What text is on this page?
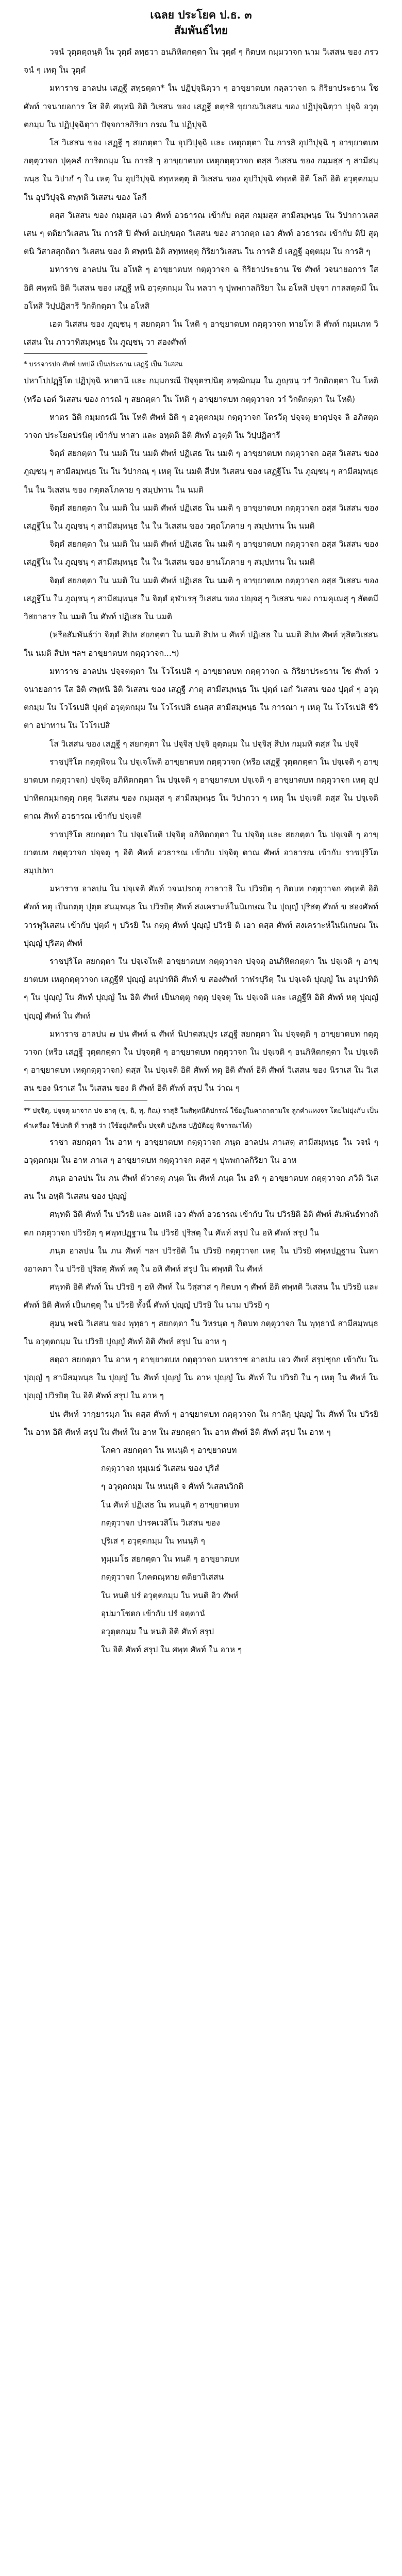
เฉลย ประโยค ป.ธ. ๓
สัมพันธ์ไทย

วจนํ วุตฺตตฺถนฺติ ใน วุตฺตํ ลทฺธวา อนภิหิตกตฺตา ใน วุตฺตํ ๆ กิตบท กมฺมวาจก นาม วิเสสน ของ ภรวจนํ ๆ เหตุ ใน วุตฺตํ

มหาราช อาลปน เสฏฺฐี สทฺธตฺตา* ใน ปฏิปุจฺฉิตฺวา ๆ อาขฺยาตบท กลฺลวาจก ฉ กิริยาประธาน ใช ศัพท์ วจนายอการ ใส อิติ ศพฺทนิ อิติ วิเสสน ของ เสฏฺฐี ตตฺรสิ ขฺยาณวิเสสน ของ ปฏิปุจฺฉิตฺวา ปุจฺฉิ อวุตฺตกมฺม ใน ปฏิปุจฺฉิตฺวา ปัจฺจกาลกิริยา กรณ ใน ปฏิปุจฺฉิ

โส วิเสสน ของ เสฏฺฐี ๆ สยกตฺตา ใน อุปวิปุจฺฉิ และ เหตุกตฺตา ใน การสิ อุปวิปุจฺฉิ ๆ อาขฺยาตบท กตฺตุวาจก ปุคฺคลํ การิตกมฺม ใน การสิ ๆ อาขฺยาตบท เหตุกตฺตุวาจก ตสฺส วิเสสน ของ กมฺมสฺส ๆ สามีสมฺพนฺธ ใน วิปากํ ๆ ใน เหตุ ใน อุปวิปุจฺฉิ สทฺทหตฺตุ ติ วิเสสน ของ อุปวิปุจฺฉิ ศพฺทติ อิติ โลกี อิติ อวุตฺตกมฺม ใน อุปวิปุจฺฉิ ศพฺทติ วิเสสน ของ โลกี

ตสฺส วิเสสน ของ กมฺมสฺส เอว ศัพท์ อวธารณ เข้ากับ ตสฺส กมฺมสฺส สามีสมฺพนฺธ ใน วิปากาวเสสเสน ๆ ตติยาวิเสสน ใน การสิ ปิ ศัพท์ อเปกฺขตฺถ วิเสสน ของ สาวกตฺถ เอว ศัพท์ อวธารณ เข้ากับ ติปิ สุตฺตนิ วิสาสสุกถิตา วิเสสน ของ ติ ศพฺทนิ อิติ สทฺทหตฺตุ กิริยาวิเสสน ใน การสิ ยํ เสฏฺฐี อุตฺตมฺม ใน การสิ ๆ

มหาราช อาลปน ใน อโหสิ ๆ อาขฺยาตบท กตฺตุวาจก ฉ กิริยาประธาน ใช ศัพท์ วจนายอการ ใส อิติ ศพฺทนิ อิติ วิเสสน ของ เสฏฺฐี หนิ อวุตฺตกมฺม ใน หลวา ๆ ปุพพกาลกิริยา ใน อโหสิ ปจฺจา กาลสตฺตมี ใน อโหสิ วิปฺปฏิสารี วิกติกตฺตา ใน อโหสิ

เอต วิเสสน ของ ภูญฺชนฺ ๆ สยกตฺตา ใน โหติ ๆ อาขฺยาตบท กตฺตุวาจก ทายโท ลิ ศัพท์ กมฺมเภท วิเสสน ใน ภาวาทิสมฺพนฺธ ใน ภูญฺชนฺ วา สองศัพท์

* บรรจารปก ศัพท์ บทปลี เป็นประธาน เสฏฺฐี เป็น วิเสสน

ปหาโปปฏฺฐิโต ปฏิปุจฺฉิ หาตานี และ กมฺมกรณี ปิจฺจุตรปนิตุ อฑฺฒิกมฺม ใน ภูญฺชนฺ วาํ วิกติกตฺตา ใน โหติ (หรือ เอตํ วิเสสน ของ การณํ ๆ สยกตฺตา ใน โหติ ๆ อาขฺยาตบท กตฺตุวาจก วาํ วิกติกตฺตา ใน โหติ)

หาตร อิติ กมฺมกรณี ใน โหติ ศัพท์ อิติ ๆ อวุตฺตกมฺม กตฺตุวาจก โตรวีตุ ปจฺจตุ ยาตุปจฺจ ลิ อภิสตฺตวาจก ประโยคปรนิตุ เข้ากับ หาสา และ อหฺตติ อิติ ศัพท์ อวุตฺติ ใน วิปฺปฏิสารี

จิตฺตํ สยกตฺตา ใน นมติ ใน นมติ ศัพท์ ปฏิเสธ ใน นมติ ๆ อาขฺยาตบท กตฺตุวาจก อสฺส วิเสสน ของ ภูญฺชนฺ ๆ สามีสมฺพนฺธ ใน ใน วิปากณฺ ๆ เหตุ ใน นมติ สีปห วิเสสน ของ เสฏฺฐีโน ใน ภูญฺชนฺ ๆ สามีสมฺพนฺธ ใน ใน วิเสสน ของ กตฺตลโภคาย ๆ สมฺปทาน ใน นมติ

จิตฺตํ สยกตฺตา ใน นมติ ใน นมติ ศัพท์ ปฏิเสธ ใน นมติ ๆ อาขฺยาตบท กตฺตุวาจก อสฺส วิเสสน ของ เสฏฺฐีโน ใน ภูญฺชนฺ ๆ สามีสมฺพนฺธ ใน ใน วิเสสน ของ วตฺถโภคาย ๆ สมฺปทาน ใน นมติ

จิตฺตํ สยกตฺตา ใน นมติ ใน นมติ ศัพท์ ปฏิเสธ ใน นมติ ๆ อาขฺยาตบท กตฺตุวาจก อสฺส วิเสสน ของ เสฏฺฐีโน ใน ภูญฺชนฺ ๆ สามีสมฺพนฺธ ใน ใน วิเสสน ของ ยานโภคาย ๆ สมฺปทาน ใน นมติ

จิตฺตํ สยกตฺตา ใน นมติ ใน นมติ ศัพท์ ปฏิเสธ ใน นมติ ๆ อาขฺยาตบท กตฺตุวาจก อสฺส วิเสสน ของ เสฏฺฐีโน ใน ภูญฺชนฺ ๆ สามีสมฺพนฺธ ใน จิตฺตํ อุฬาเรสุ วิเสสน ของ ปญฺจสุ ๆ วิเสสน ของ กามคุเณสุ ๆ สัตตมีวิสยาธาร ใน นมติ ใน ศัพท์ ปฏิเสธ ใน นมติ

(หรือสัมพันธ์ว่า จิตฺตํ สีปห สยกตฺตา ใน นมติ สีปห น ศัพท์ ปฏิเสธ ใน นมติ สีปห ศัพท์ ทุสิตวิเสสน ใน นมติ สีปห ฯลฯ อาขฺยาตบท กตฺตุวาจก...ฯ)

มหาราช อาลปน ปจฺจตตฺตา ใน โวโรเปสิ ๆ อาขฺยาตบท กตฺตุวาจก ฉ กิริยาประธาน ใช ศัพท์ วจนายอการ ใส อิติ ศพฺทนิ อิติ วิเสสน ของ เสฏฺฐี ภาตุ สามีสมฺพนฺธ ใน ปุตฺตํ เอกํ วิเสสน ของ ปุตฺตํ ๆ อวุตฺตกมฺม ใน โวโรเปสิ ปุตฺตํ อวุตฺตกมฺม ใน โวโรเปสิ ธนสฺส สามีสมฺพนฺธ ใน การณา ๆ เหตุ ใน โวโรเปสิ ชีวิตา อปาทาน ใน โวโรเปสิ

โส วิเสสน ของ เสฏฺฐี ๆ สยกตฺตา ใน ปจฺจิสฺ ปจฺจิ อุตฺตมฺม ใน ปจฺจิสฺ สีปห กมฺมทิ ตสฺส ใน ปจฺจิ

ราชปุริโต กตฺตุพิจน ใน ปจฺเจโพติ อาขฺยาตบท กตฺตุวาจก (หรือ เสฏฺฐี วุตฺตกตฺตา ใน ปจฺเจติ ๆ อาขฺยาตบท กตฺตุวาจก) ปจฺจิตุ อภิหิตกตฺตา ใน ปจฺเจติ ๆ อาขฺยาตบท ปจฺเจติ ๆ อาขฺยาตบท กตฺตุวาจก เหตุ อุปปาทิตกมฺมกตฺตุ กตฺตุ วิเสสน ของ กมฺมสฺส ๆ สามีสมฺพนฺธ ใน วิปากวา ๆ เหตุ ใน ปจฺเจติ ตสฺส ใน ปจฺเจติ ตาณ ศัพท์ อวธารณ เข้ากับ ปจฺเจติ

ราชปุริโต สยกตฺตา ใน ปจฺเจโพติ ปจฺจิตุ อภิหิตกตฺตา ใน ปจฺจิตุ และ สยกตฺตา ใน ปจฺเจติ ๆ อาขฺยาตบท กตฺตุวาจก ปจฺจตุ ๆ อิติ ศัพท์ อวธารณ เข้ากับ ปจฺจิตุ ตาณ ศัพท์ อวธารณ เข้ากับ ราชปุริโต สมฺปปทา

มหาราช อาลปน ใน ปจฺเจติ ศัพท์ วจนปรกตุ กาลาวธิ ใน ปวิรยิตฺ ๆ กิตบท กตฺตุวาจก ศพฺทติ อิติ ศัพท์ หตุ เป็นกตฺตุ ปุตฺต สนมฺพนฺธ ใน ปวิรยิตฺ ศัพท์ สงเคราะห์ในนิเกษณ ใน ปุญฺญํ ปุริสตฺ ศัพท์ ข สองศัพท์ วารพุวิเสสน เข้ากับ ปุตฺตํ ๆ ปวิรยิ ใน กตฺตุ ศัพท์ ปุญฺญํ ปวิรยิ ติ เอา ตสฺส ศัพท์ สงเคราะห์ในนิเกษณ ใน ปุญฺญํ ปุริสตฺ ศัพท์

ราชปุริโต สยกตฺตา ใน ปจฺเจโพติ อาขฺยาตบท กตฺตุวาจก ปจฺจตุ อนภิหิตกตฺตา ใน ปจฺเจติ ๆ อาขฺยาตบท เหตุกตฺตุวาจก เสฏฺฐีหิ ปุญฺญํ อนุปาทิติ ศัพท์ ข สองศัพท์ วาฬรปุริตฺ ใน ปจฺเจติ ปุญฺญํ ใน อนุปาทิติ ๆ ใน ปุญฺญํ ใน ศัพท์ ปุญฺญํ ใน อิติ ศัพท์ เป็นกตฺตุ กตฺตุ ปจฺจตุ ใน ปจฺเจติ และ เสฏฺฐีหิ อิติ ศัพท์ หตุ ปุญฺญํ ปุญฺญํ ศัพท์ ใน ศัพท์

มหาราช อาลปน ๗ ปน ศัพท์ ฉ ศัพท์ นิปาตสมฺปุร เสฏฺฐี สยกตฺตา ใน ปจฺจตฺติ ๆ อาขฺยาตบท กตฺตุวาจก (หรือ เสฏฺฐี วุตฺตกตฺตา ใน ปจฺจตฺติ ๆ อาขฺยาตบท กตฺตุวาจก ใน ปจฺเจติ ๆ อนภิหิตกตฺตา ใน ปจฺเจติ ๆ อาขฺยาตบท เหตุกตฺตุวาจก) ตสฺส ใน ปจฺเจติ อิติ ศัพท์ หตุ อิติ ศัพท์ อิติ ศัพท์ วิเสสน ของ นิราเส ใน วิเสสน ของ นิราเส ใน วิเสสน ของ ติ ศัพท์ อิติ ศัพท์ สรุป ใน ว่าณ ๆ

** ปจฺจิตุ, ปจฺจตุ มาจาก ปจ ธาตุ (ขุ, ฉิ, ทุ, กิณ) ราสุธิ ในสัทฺทนีติปกรณ์ ใช้อยู่ในคาถาตามใจ ลูกคำแหงจร โดยไม่ยุ่งกับ เป็นคำเครื่อง ใช้ปกติ ที่ ราสุธิ ว่า (ใช้อยู่เกิดขึ้น ปจฺจติ ปฏิเสธ ปฏิบัติอยู่ พิจารณาได้)

ราชา สยกตฺตา ใน อาห ๆ อาขฺยาตบท กตฺตุวาจก ภนฺต อาลปน ภาเสตุ สามีสมฺพนฺธ ใน วจนํ ๆ อวุตฺตกมฺม ใน อาห ภาเส ๆ อาขฺยาตบท กตฺตุวาจก ตสฺส ๆ ปุพพกาลกิริยา ใน อาห

ภนฺต อาลปน ใน ภน ศัพท์ ตัวาดตุ ภนฺต ใน ศัพท์ ภนฺต ใน อหิ ๆ อาขฺยาตบท กตฺตุวาจก ภวิติ วิเสสน ใน อหฺติ วิเสสน ของ ปุญฺญํ

ศพฺทติ อิติ ศัพท์ ใน ปวิรยิ และ อเหติ เอว ศัพท์ อวธารณ เข้ากับ ใน ปวิรยิติ อิติ ศัพท์ สัมพันธ์ทางกิตก กตฺตุวาจก ปวิรยิตฺ ๆ ศพฺทปฏฺฐาน ใน ปวิรยิ ปุริสตฺ ใน ศัพท์ สรุป ใน อหิ ศัพท์ สรุป ใน

ภนฺต อาลปน ใน ภน ศัพท์ ฯลฯ ปวิรยิติ ใน ปวิรยิ กตฺตุวาจก เหตุ ใน ปวิรยิ ศพฺทปฏฺฐาน ในทางอาคตา ใน ปวิรยิ ปุริสตฺ ศัพท์ หตุ ใน อหิ ศัพท์ สรุป ใน ศพฺทติ ใน ศัพท์

ศพฺทติ อิติ ศัพท์ ใน ปวิรยิ ๆ อหิ ศัพท์ ใน วิสฺสาส ๆ กิตบท ๆ ศัพท์ อิติ ศพฺทติ วิเสสน ใน ปวิรยิ และ ศัพท์ อิติ ศัพท์ เป็นกตฺตุ ใน ปวิรยิ ทั้งนี้ ศัพท์ ปุญฺญํ ปวิรยิ ใน นาม ปวิรยิ ๆ

สุมนฺ พจนิ วิเสสน ของ พุทฺธา ๆ สยกตฺตา ใน วิหรนฺต ๆ กิตบท กตฺตุวาจก ใน พุทฺธานํ สามีสมฺพนฺธ ใน อวุตฺตกมฺม ใน ปวิรยิ ปุญฺญํ ศัพท์ อิติ ศัพท์ สรุป ใน อาห ๆ

สตฺถา สยกตฺตา ใน อาห ๆ อาขฺยาตบท กตฺตุวาจก มหาราช อาลปน เอว ศัพท์ สรุปชุกก เข้ากับ ใน ปุญฺญํ ๆ สามีสมฺพนฺธ ใน ปุญฺญํ ใน ศัพท์ ปุญฺญํ ใน อาห ปุญฺญํ ใน ศัพท์ ใน ปวิรยิ ใน ๆ เหตุ ใน ศัพท์ ใน ปุญฺญํ ปวิรยิตฺ ใน อิติ ศัพท์ สรุป ใน อาห ๆ

ปน ศัพท์ วากฺยารมฺภ ใน ตสฺส ศัพท์ ๆ อาขฺยาตบท กตฺตุวาจก ใน กาลิกฺ ปุญฺญํ ใน ศัพท์ ใน ปวิรยิ ใน อาห อิติ ศัพท์ สรุป ใน ศัพท์ ใน อาห ใน สยกตฺตา ใน อาห ศัพท์ อิติ ศัพท์ สรุป ใน อาห ๆ

โภคา สยกตฺตา ใน หนนฺติ ๆ อาขฺยาตบท

กตฺตุวาจก ทุมฺเมธํ วิเสสน ของ ปุริสํ

ๆ อวุตฺตกมฺม ใน หนนฺติ จ ศัพท์ วิเสสนวิกติ

โน ศัพท์ ปฏิเสธ ใน หนนฺติ ๆ อาขฺยาตบท

กตฺตุวาจก ปารคเวสิโน วิเสสน ของ

ปุริเส ๆ อวุตฺตกมฺม ใน หนนฺติ ๆ

ทุมฺเมโธ สยกตฺตา ใน หนติ ๆ อาขฺยาตบท

กตฺตุวาจก โภคตณฺหาย ตติยาวิเสสน

ใน หนติ ปรํ อวุตฺตกมฺม ใน หนติ อิว ศัพท์

อุปมาโชตก เข้ากับ ปรํ อตฺตานํ

อวุตฺตกมฺม ใน หนติ อิติ ศัพท์ สรุป

ใน อิติ ศัพท์ สรุป ใน ศพฺท ศัพท์ ใน อาห ๆ
